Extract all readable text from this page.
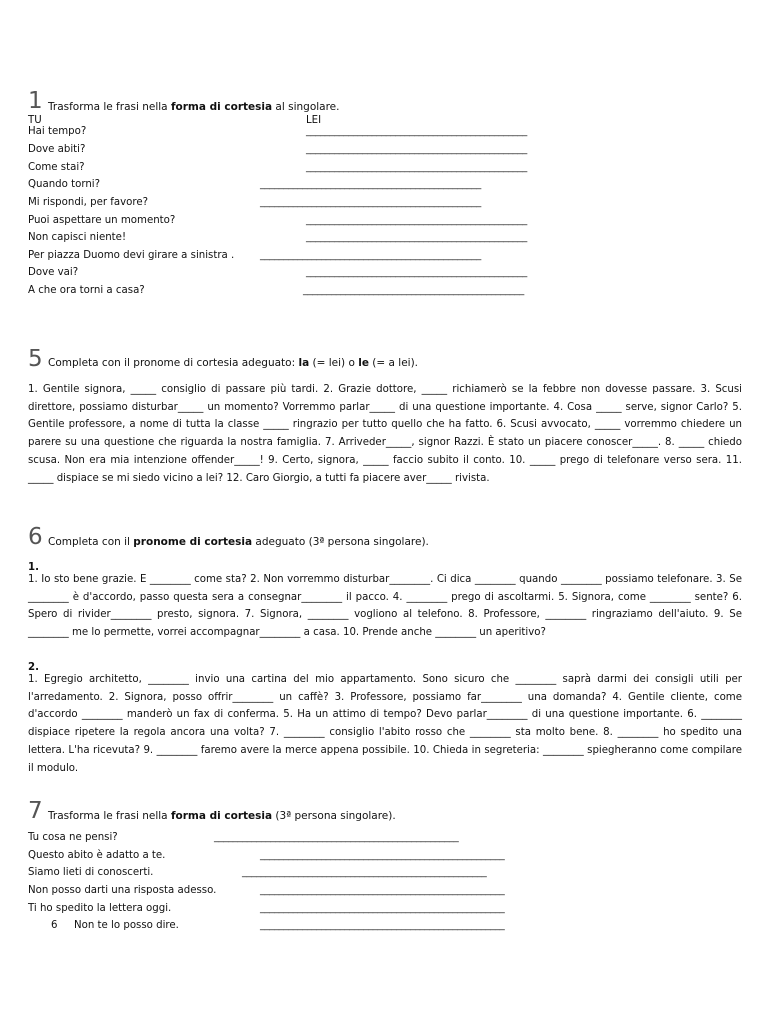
1 Trasforma le frasi nella forma di cortesia al singolare.
TU	LEI
Hai tempo?	_______________________________________________
Dove abiti?	_______________________________________________
Come stai?	_______________________________________________
Quando torni?	_______________________________________________
Mi rispondi, per favore?	_______________________________________________
Puoi aspettare un momento?	_______________________________________________
Non capisci niente!	_______________________________________________
Per piazza Duomo devi girare a sinistra .	_______________________________________________
Dove vai?	_______________________________________________
A che ora torni a casa?	_______________________________________________
5 Completa con il pronome di cortesia adeguato: la (= lei) o le (= a lei).
1. Gentile signora, _____ consiglio di passare più tardi. 2. Grazie dottore, _____ richiamerò se la febbre non dovesse passare. 3. Scusi direttore, possiamo disturbar_____ un momento? Vorremmo parlar_____ di una questione importante. 4. Cosa _____ serve, signor Carlo? 5. Gentile professore, a nome di tutta la classe _____ ringrazio per tutto quello che ha fatto. 6. Scusi avvocato, _____ vorremmo chiedere un parere su una questione che riguarda la nostra famiglia. 7. Arriveder_____, signor Razzi. È stato un piacere conoscer_____. 8. _____ chiedo scusa. Non era mia intenzione offender_____! 9. Certo, signora, _____ faccio subito il conto. 10. _____ prego di telefonare verso sera. 11. _____ dispiace se mi siedo vicino a lei? 12. Caro Giorgio, a tutti fa piacere aver_____ rivista.
6 Completa con il pronome di cortesia adeguato (3ª persona singolare).
1.
1. Io sto bene grazie. E ________ come sta? 2. Non vorremmo disturbar________. Ci dica ________ quando ________ possiamo telefonare. 3. Se ________ è d'accordo, passo questa sera a consegnar________ il pacco. 4. ________ prego di ascoltarmi. 5. Signora, come ________ sente? 6. Spero di rivider________ presto, signora. 7. Signora, ________ vogliono al telefono. 8. Professore, ________ ringraziamo dell'aiuto. 9. Se ________ me lo permette, vorrei accompagnar________ a casa. 10. Prende anche ________ un aperitivo?
2.
1. Egregio architetto, ________ invio una cartina del mio appartamento. Sono sicuro che ________ saprà darmi dei consigli utili per l'arredamento. 2. Signora, posso offrir________ un caffè? 3. Professore, possiamo far________ una domanda? 4. Gentile cliente, come d'accordo ________ manderò un fax di conferma. 5. Ha un attimo di tempo? Devo parlar________ di una questione importante. 6. ________ dispiace ripetere la regola ancora una volta? 7. ________ consiglio l'abito rosso che ________ sta molto bene. 8. ________ ho spedito una lettera. L'ha ricevuta? 9. ________ faremo avere la merce appena possibile. 10. Chieda in segreteria: ________ spiegheranno come compilare il modulo.
7 Trasforma le frasi nella forma di cortesia (3ª persona singolare).
Tu cosa ne pensi?	____________________________________________________
Questo abito è adatto a te.	____________________________________________________
Siamo lieti di conoscerti.	____________________________________________________
Non posso darti una risposta adesso.	____________________________________________________
Ti ho spedito la lettera oggi.	____________________________________________________
6 Non te lo posso dire.	____________________________________________________
